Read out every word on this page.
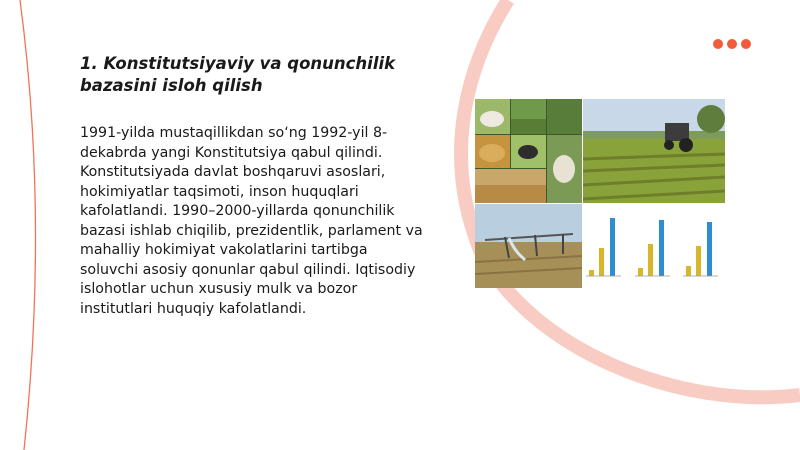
1. Konstitutsiyaviy va qonunchilik bazasini isloh qilish

1991-yilda mustaqillikdan so‘ng 1992-yil 8-dekabrda yangi Konstitutsiya qabul qilindi. Konstitutsiyada davlat boshqaruvi asoslari, hokimiyatlar taqsimoti, inson huquqlari kafolatlandi. 1990–2000-yillarda qonunchilik bazasi ishlab chiqilib, prezidentlik, parlament va mahalliy hokimiyat vakolatlarini tartibga soluvchi asosiy qonunlar qabul qilindi. Iqtisodiy islohotlar uchun xususiy mulk va bozor institutlari huquqiy kafolatlandi.
